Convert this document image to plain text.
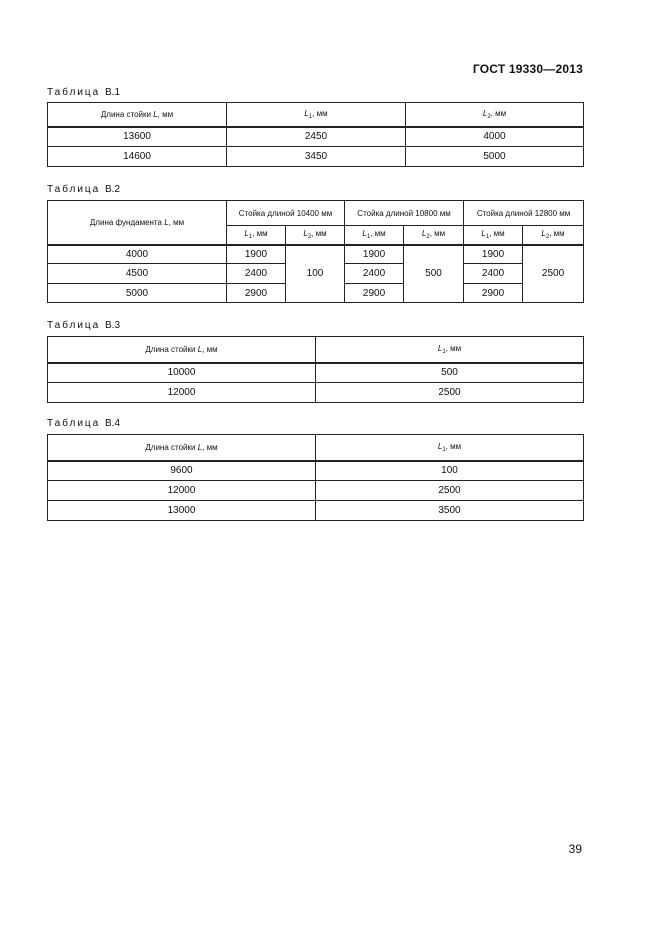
ГОСТ 19330—2013
Таблица В.1
Длина стойки L, мм	$L_1$, мм	$L_2$, мм
13600	2450	4000
14600	3450	5000
Таблица В.2
Длина фундамента L, мм	Стойка длиной 10400 мм		Стойка длиной 10800 мм		Стойка длиной 12800 мм	
	$L_1$, мм	$L_2$, мм	$L_1$, мм	$L_2$, мм	$L_1$, мм	$L_2$, мм
4000	1900	100	1900	500	1900	2500
4500	2400		2400		2400	
5000	2900		2900		2900	
Таблица В.3
Длина стойки L, мм	$L_1$, мм
10000	500
12000	2500
Таблица В.4
Длина стойки L, мм	$L_1$, мм
9600	100
12000	2500
13000	3500
39
